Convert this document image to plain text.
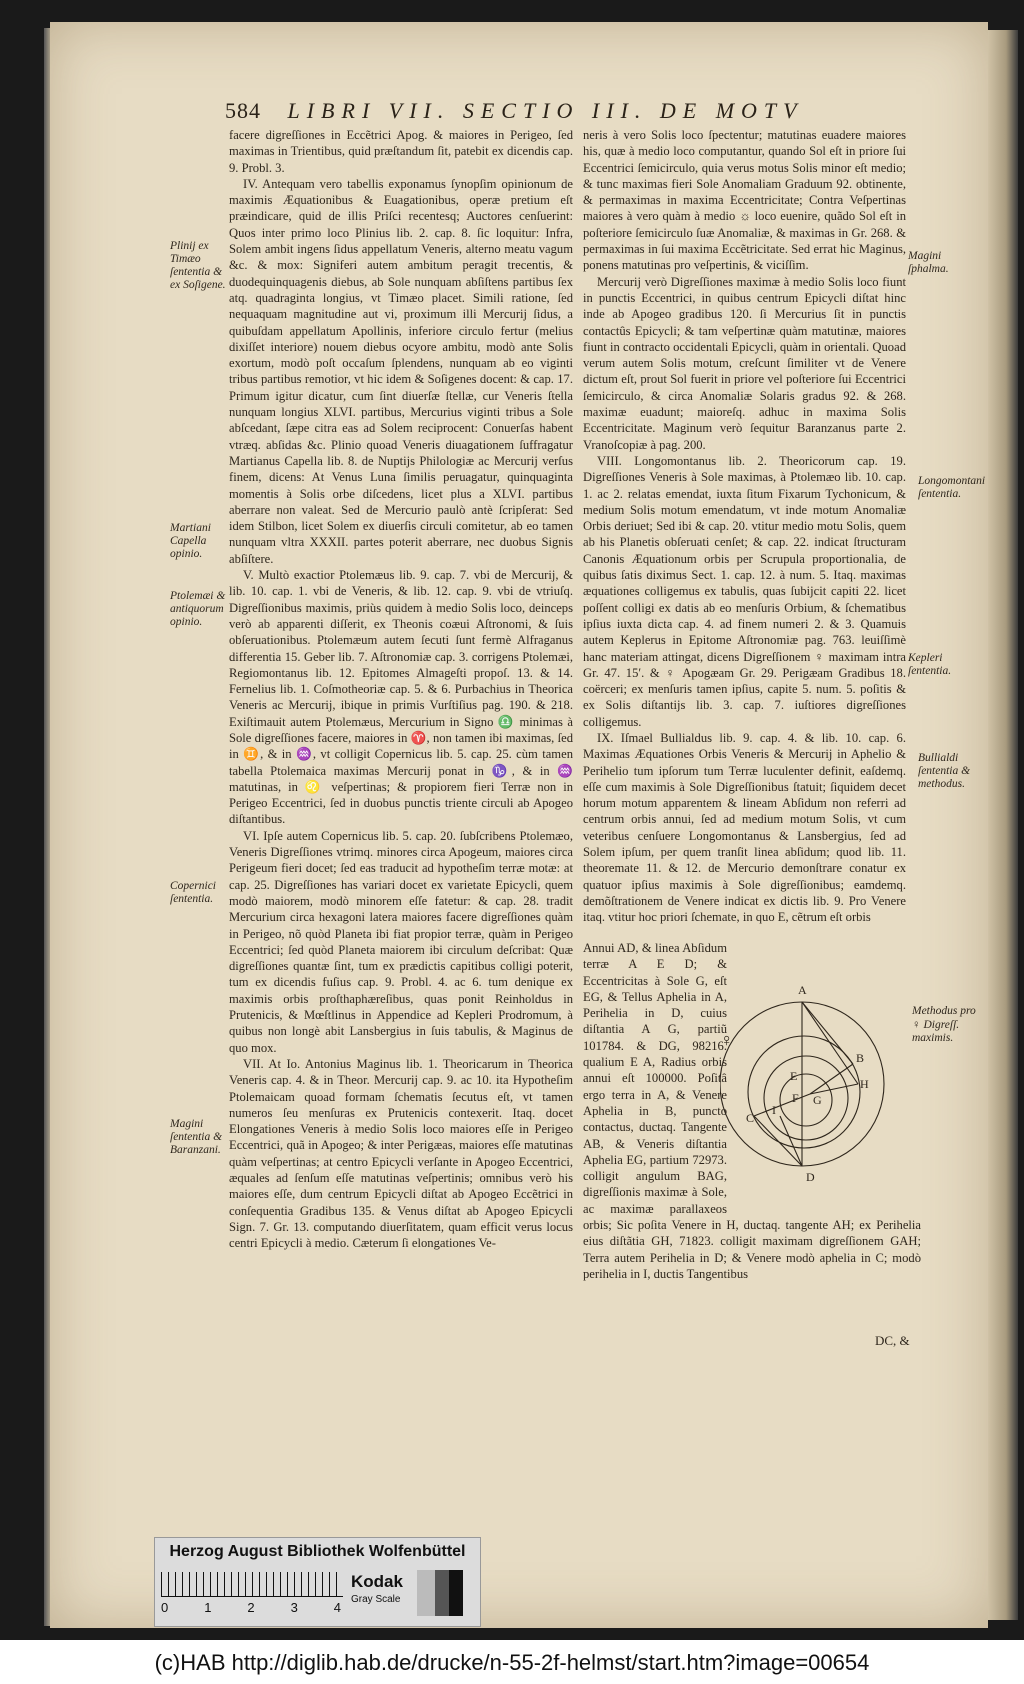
584 LIBRI VII. SECTIO III. DE MOTV

facere digreſſiones in Eccẽtrici Apog. & maiores in Perigeo, ſed maximas in Trientibus, quid præſtandum ſit, patebit ex dicendis cap. 9. Probl. 3.

IV. Antequam vero tabellis exponamus ſynopſim opinionum de maximis Æquationibus & Euagationibus, operæ pretium eſt præindicare, quid de illis Priſci recentesq; Auctores cenſuerint: Quos inter primo loco Plinius lib. 2. cap. 8. ſic loquitur: Infra, Solem ambit ingens ſidus appellatum Veneris, alterno meatu vagum &c. & mox: Signiferi autem ambitum peragit trecentis, & duodequinquagenis diebus, ab Sole nunquam abſiſtens partibus ſex atq. quadraginta longius, vt Timæo placet. Simili ratione, ſed nequaquam magnitudine aut vi, proximum illi Mercurij ſidus, a quibuſdam appellatum Apollinis, inferiore circulo fertur (melius dixiſſet interiore) nouem diebus ocyore ambitu, modò ante Solis exortum, modò poſt occaſum ſplendens, nunquam ab eo viginti tribus partibus remotior, vt hic idem & Soſigenes docent: & cap. 17. Primum igitur dicatur, cum ſint diuerſæ ſtellæ, cur Veneris ſtella nunquam longius XLVI. partibus, Mercurius viginti tribus a Sole abſcedant, ſæpe citra eas ad Solem reciprocent: Conuerſas habent vtræq. abſidas &c. Plinio quoad Veneris diuagationem ſuffragatur Martianus Capella lib. 8. de Nuptijs Philologiæ ac Mercurij verſus finem, dicens: At Venus Luna ſimilis peruagatur, quinquaginta momentis à Solis orbe diſcedens, licet plus a XLVI. partibus aberrare non valeat. Sed de Mercurio paulò antè ſcripſerat: Sed idem Stilbon, licet Solem ex diuerſis circuli comitetur, ab eo tamen nunquam vltra XXXII. partes poterit aberrare, nec duobus Signis abſiſtere.

V. Multò exactior Ptolemæus lib. 9. cap. 7. vbi de Mercurij, & lib. 10. cap. 1. vbi de Veneris, & lib. 12. cap. 9. vbi de vtriuſq. Digreſſionibus maximis, priùs quidem à medio Solis loco, deinceps verò ab apparenti diſſerit, ex Theonis coæui Aſtronomi, & ſuis obſeruationibus. Ptolemæum autem ſecuti ſunt fermè Alfraganus differentia 15. Geber lib. 7. Aſtronomiæ cap. 3. corrigens Ptolemæi, Regiomontanus lib. 12. Epitomes Almageſti propoſ. 13. & 14. Fernelius lib. 1. Coſmotheoriæ cap. 5. & 6. Purbachius in Theorica Veneris ac Mercurij, ibique in primis Vurſtiſius pag. 190. & 218. Exiſtimauit autem Ptolemæus, Mercurium in Signo ♎ minimas à Sole digreſſiones facere, maiores in ♈, non tamen ibi maximas, ſed in ♊, & in ♒, vt colligit Copernicus lib. 5. cap. 25. cùm tamen tabella Ptolemaica maximas Mercurij ponat in ♑, & in ♒ matutinas, in ♌ veſpertinas; & propiorem fieri Terræ non in Perigeo Eccentrici, ſed in duobus punctis triente circuli ab Apogeo diſtantibus.

VI. Ipſe autem Copernicus lib. 5. cap. 20. ſubſcribens Ptolemæo, Veneris Digreſſiones vtrimq. minores circa Apogeum, maiores circa Perigeum fieri docet; ſed eas traducit ad hypotheſim terræ motæ: at cap. 25. Digreſſiones has variari docet ex varietate Epicycli, quem modò maiorem, modò minorem eſſe fatetur: & cap. 28. tradit Mercurium circa hexagoni latera maiores facere digreſſiones quàm in Perigeo, nõ quòd Planeta ibi fiat propior terræ, quàm in Perigeo Eccentrici; ſed quòd Planeta maiorem ibi circulum deſcribat: Quæ digreſſiones quantæ ſint, tum ex prædictis capitibus colligi poterit, tum ex dicendis fuſius cap. 9. Probl. 4. ac 6. tum denique ex maximis orbis proſthaphæreſibus, quas ponit Reinholdus in Prutenicis, & Mœſtlinus in Appendice ad Kepleri Prodromum, à quibus non longè abit Lansbergius in ſuis tabulis, & Maginus de quo mox.

VII. At Io. Antonius Maginus lib. 1. Theoricarum in Theorica Veneris cap. 4. & in Theor. Mercurij cap. 9. ac 10. ita Hypotheſim Ptolemaicam quoad formam ſchematis ſecutus eſt, vt tamen numeros ſeu menſuras ex Prutenicis contexerit. Itaq. docet Elongationes Veneris à medio Solis loco maiores eſſe in Perigeo Eccentrici, quã in Apogeo; & inter Perigæas, maiores eſſe matutinas quàm veſpertinas; at centro Epicycli verſante in Apogeo Eccentrici, æquales ad ſenſum eſſe matutinas veſpertinis; omnibus verò his maiores eſſe, dum centrum Epicycli diſtat ab Apogeo Eccẽtrici in conſequentia Gradibus 135. & Venus diſtat ab Apogeo Epicycli Sign. 7. Gr. 13. computando diuerſitatem, quam efficit verus locus centri Epicycli à medio. Cæterum ſi elongationes Ve-

neris à vero Solis loco ſpectentur; matutinas euadere maiores his, quæ à medio loco computantur, quando Sol eſt in priore ſui Eccentrici ſemicirculo, quia verus motus Solis minor eſt medio; & tunc maximas fieri Sole Anomaliam Graduum 92. obtinente, & permaximas in maxima Eccentricitate; Contra Veſpertinas maiores à vero quàm à medio ☼ loco euenire, quãdo Sol eſt in poſteriore ſemicirculo ſuæ Anomaliæ, & maximas in Gr. 268. & permaximas in ſui maxima Eccẽtricitate. Sed errat hic Maginus, ponens matutinas pro veſpertinis, & viciſſim.

Mercurij verò Digreſſiones maximæ à medio Solis loco fiunt in punctis Eccentrici, in quibus centrum Epicycli diſtat hinc inde ab Apogeo gradibus 120. ſi Mercurius ſit in punctis contactûs Epicycli; & tam veſpertinæ quàm matutinæ, maiores fiunt in contracto occidentali Epicycli, quàm in orientali. Quoad verum autem Solis motum, creſcunt ſimiliter vt de Venere dictum eſt, prout Sol fuerit in priore vel poſteriore ſui Eccentrici ſemicirculo, & circa Anomaliæ Solaris gradus 92. & 268. maximæ euadunt; maioreſq. adhuc in maxima Solis Eccentricitate. Maginum verò ſequitur Baranzanus parte 2. Vranoſcopiæ à pag. 200.

VIII. Longomontanus lib. 2. Theoricorum cap. 19. Digreſſiones Veneris à Sole maximas, à Ptolemæo lib. 10. cap. 1. ac 2. relatas emendat, iuxta ſitum Fixarum Tychonicum, & medium Solis motum emendatum, vt inde motum Anomaliæ Orbis deriuet; Sed ibi & cap. 20. vtitur medio motu Solis, quem ab his Planetis obſeruati cenſet; & cap. 22. indicat ſtructuram Canonis Æquationum orbis per Scrupula proportionalia, de quibus ſatis diximus Sect. 1. cap. 12. à num. 5. Itaq. maximas æquationes colligemus ex tabulis, quas ſubijcit capiti 22. licet poſſent colligi ex datis ab eo menſuris Orbium, & ſchematibus ipſius iuxta dicta cap. 4. ad finem numeri 2. & 3. Quamuis autem Keplerus in Epitome Aſtronomiæ pag. 763. leuiſſimè hanc materiam attingat, dicens Digreſſionem ♀ maximam intra Gr. 47. 15′. & ♀ Apogæam Gr. 29. Perigæam Gradibus 18. coërceri; ex menſuris tamen ipſius, capite 5. num. 5. poſitis & ex Solis diſtantijs lib. 3. cap. 7. iuſtiores digreſſiones colligemus.

IX. Iſmael Bullialdus lib. 9. cap. 4. & lib. 10. cap. 6. Maximas Æquationes Orbis Veneris & Mercurij in Aphelio & Perihelio tum ipſorum tum Terræ luculenter definit, eaſdemq. eſſe cum maximis à Sole Digreſſionibus ſtatuit; ſiquidem decet horum motum apparentem & lineam Abſidum non referri ad centrum orbis annui, ſed ad medium motum Solis, vt cum veteribus cenſuere Longomontanus & Lansbergius, ſed ad Solem ipſum, per quem tranſit linea abſidum; quod lib. 11. theoremate 11. & 12. de Mercurio demonſtrare conatur ex quatuor ipſius maximis à Sole digreſſionibus; eamdemq. demõſtrationem de Venere indicat ex dictis lib. 9. Pro Venere itaq. vtitur hoc priori ſchemate, in quo E, cẽtrum eſt orbis

Annui AD, & linea Abſidum terræ A E D; & Eccentricitas à Sole G, eſt EG, & Tellus Aphelia in A, Perihelia in D, cuius diſtantia A G, partiũ 101784. & DG, 98216. qualium E A, Radius orbis annui eſt 100000. Poſitâ ergo terra in A, & Venere Aphelia in B, puncto contactus, ductaq. Tangente AB, & Veneris diſtantia Aphelia EG, partium 72973. colligit angulum BAG, digreſſionis maximæ à Sole, ac maximæ parallaxeos orbis; Sic poſita Venere in H, ductaq. tangente AH; ex Perihelia eius diſtãtia GH, 71823. colligit maximam digreſſionem GAH; Terra autem Perihelia in D; & Venere modò aphelia in C; modò perihelia in I, ductis Tangentibus

DC, &
Plinij ex Timæo ſententia & ex Soſigene.
Martiani Capella opinio.
Ptolemæi & antiquorum opinio.
Copernici ſententia.
Magini ſententia & Baranzani.
Magini ſphalma.
Longomontani ſententia.
Kepleri ſententia.
Bullialdi ſententia & methodus.
Methodus pro ♀ Digreſſ. maximis.
A
B
C
D
E
F G
H
I
♀
Herzog August Bibliothek Wolfenbüttel
0	1	2	3	4
Kodak
Gray Scale
(c)HAB http://diglib.hab.de/drucke/n-55-2f-helmst/start.htm?image=00654
